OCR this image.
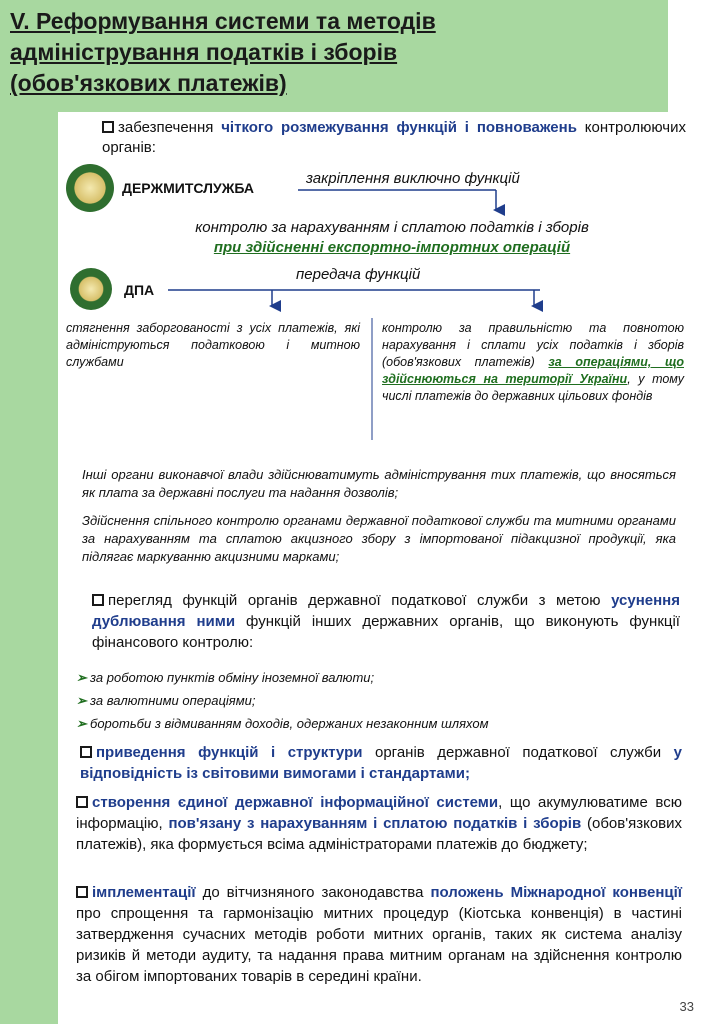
V. Реформування системи та методів
адміністрування податків і зборів
(обов'язкових платежів)
забезпечення чіткого розмежування функцій і повноважень контролюючих органів:
ДЕРЖМИТСЛУЖБА
закріплення виключно функцій
контролю за нарахуванням і сплатою податків і зборів
при здійсненні експортно-імпортних операцій
ДПА
передача функцій
стягнення заборгованості з усіх платежів, які адмініструються податковою і митною службами
контролю за правильністю та повнотою нарахування і сплати усіх податків і зборів (обов'язкових платежів) за операціями, що здійснюються на території України, у тому числі платежів до державних цільових фондів
Інші органи виконавчої влади здійснюватимуть адміністрування тих платежів, що вносяться як плата за державні послуги та надання дозволів;
Здійснення спільного контролю органами державної податкової служби та митними органами за нарахуванням та сплатою акцизного збору з імпортованої підакцизної продукції, яка підлягає маркуванню акцизними марками;
перегляд функцій органів державної податкової служби з метою усунення дублювання ними функцій інших державних органів, що виконують функції фінансового контролю:
➢ за роботою пунктів обміну іноземної валюти;
➢ за валютними операціями;
➢ боротьби з відмиванням доходів, одержаних незаконним шляхом
приведення функцій і структури органів державної податкової служби у відповідність із світовими вимогами і стандартами;
створення єдиної державної інформаційної системи, що акумулюватиме всю інформацію, пов'язану з нарахуванням і сплатою податків і зборів (обов'язкових платежів), яка формується всіма адміністраторами платежів до бюджету;
імплементації до вітчизняного законодавства положень Міжнародної конвенції про спрощення та гармонізацію митних процедур (Кіотська конвенція) в частині затвердження сучасних методів роботи митних органів, таких як система аналізу ризиків й методи аудиту, та надання права митним органам на здійснення контролю за обігом імпортованих товарів в середині країни.
33
